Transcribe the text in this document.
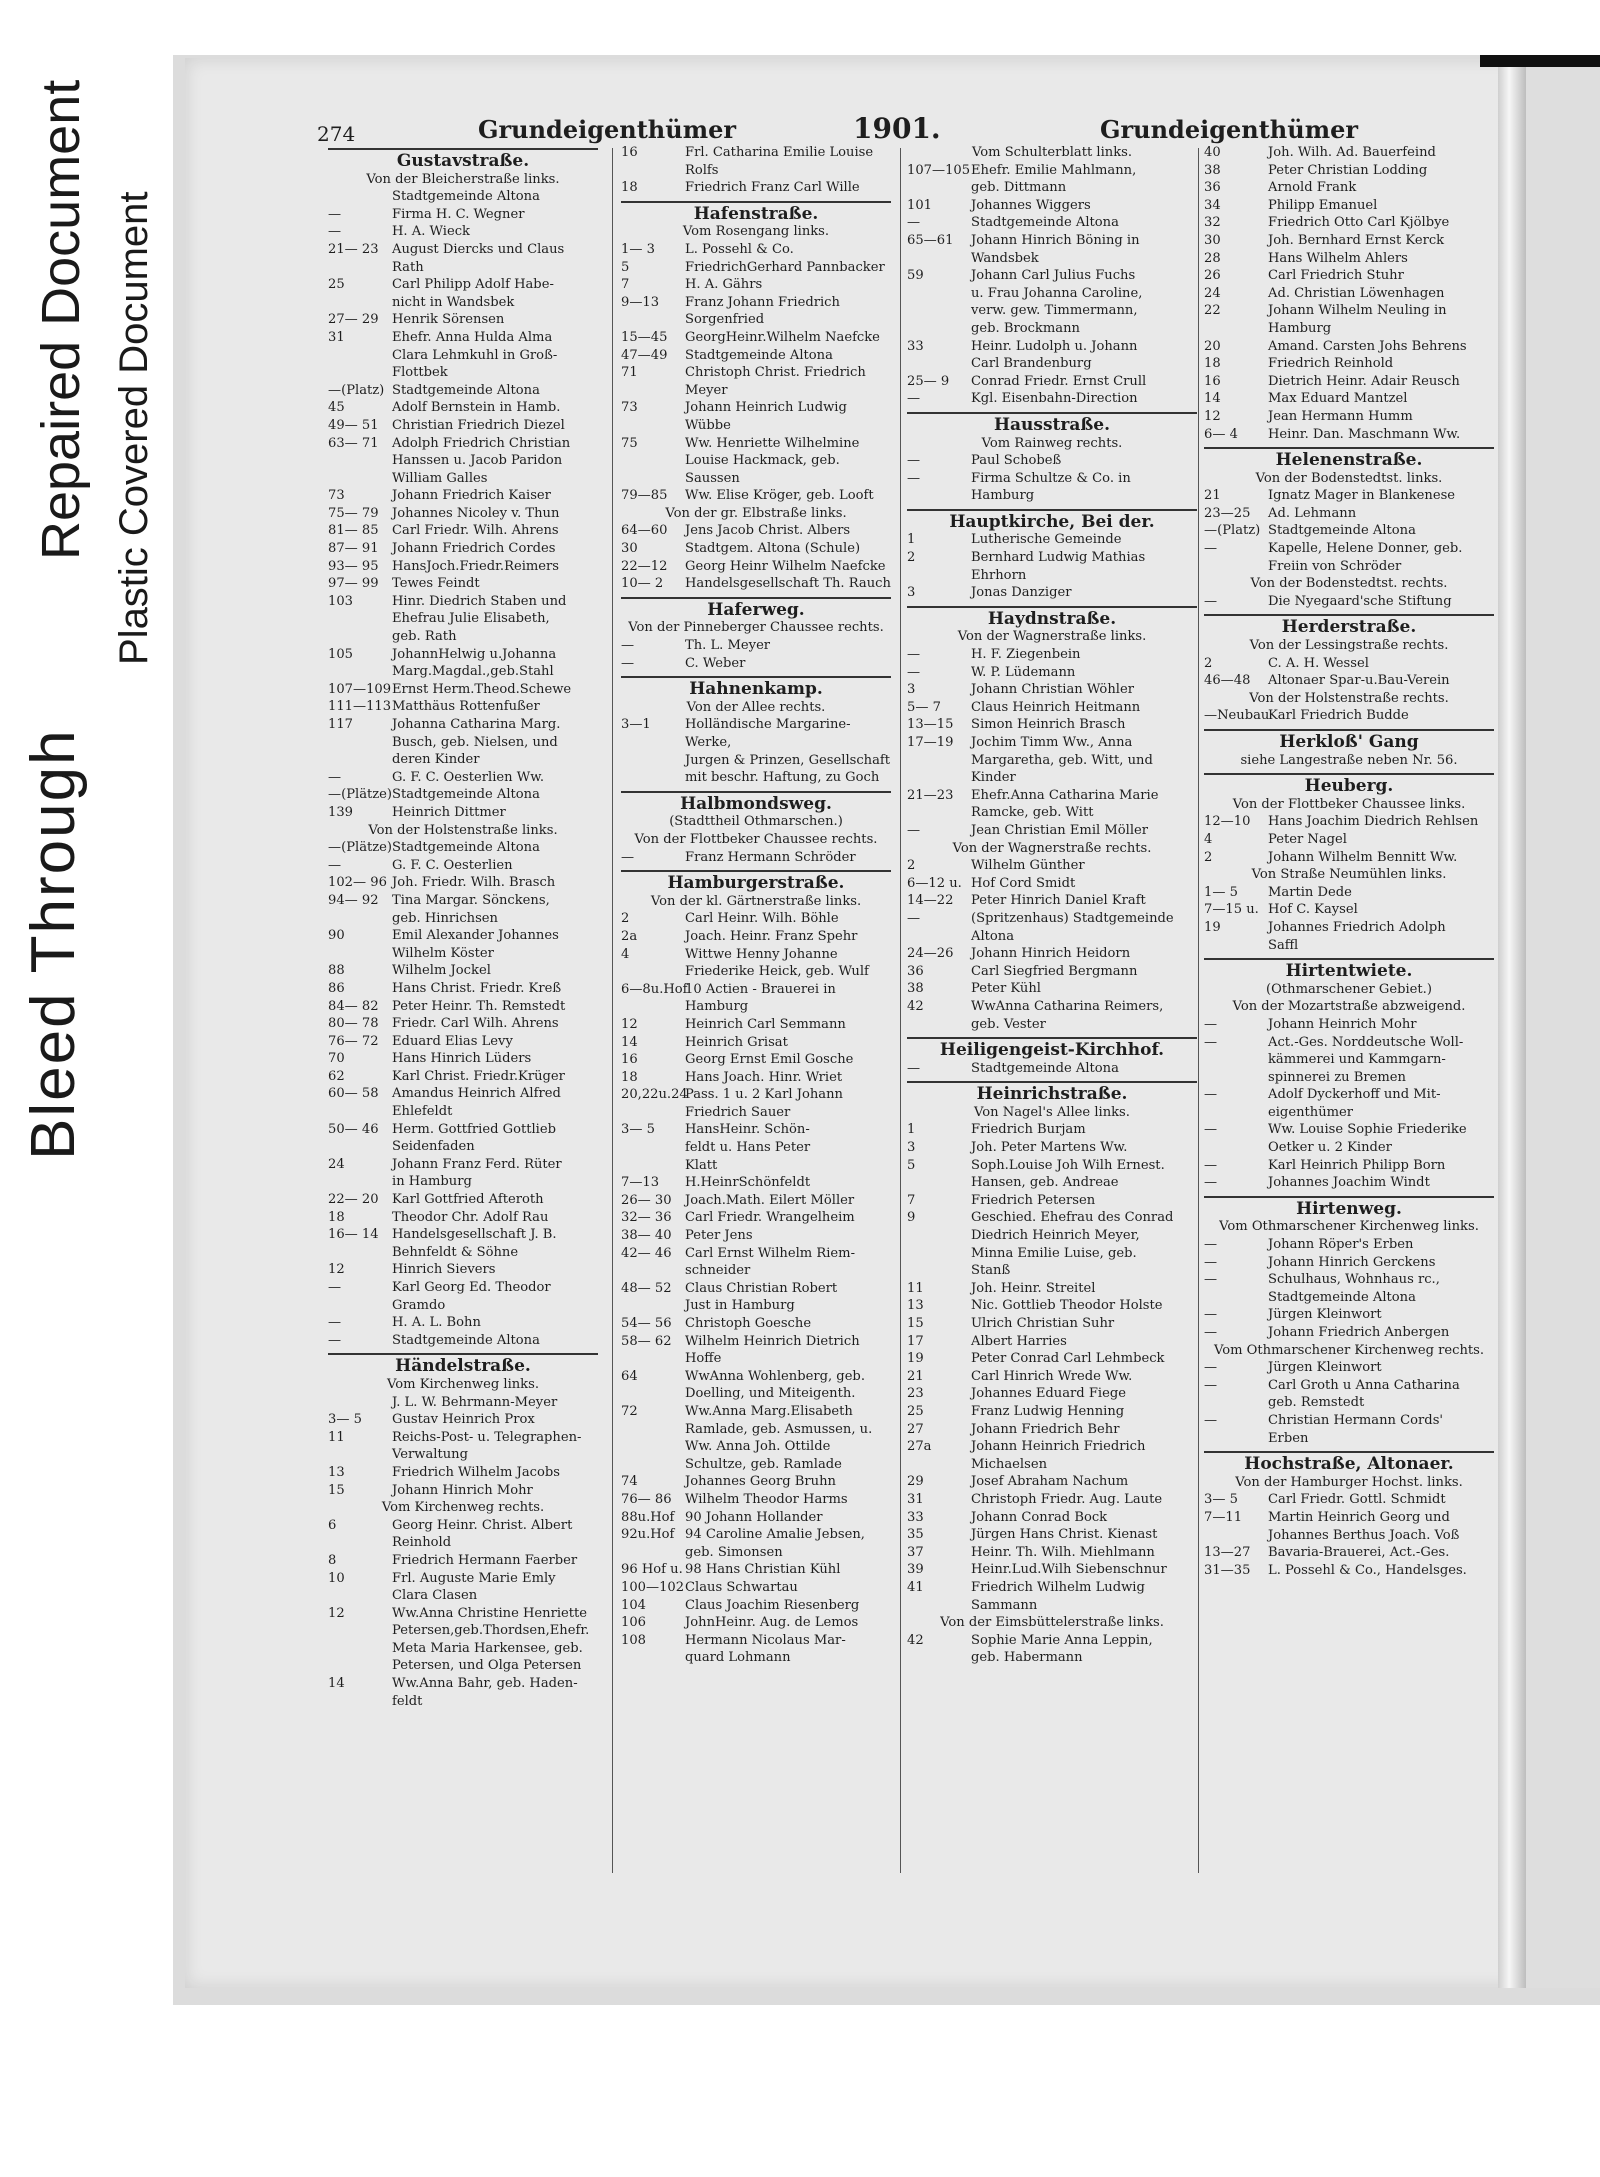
Bleed Through
Repaired Document Plastic Covered Document
274	Grundeigenthümer	1901.	Grundeigenthümer
Gustavstraße.
Von der Bleicherstraße links.
Stadtgemeinde Altona
—	Firma H. C. Wegner
—	H. A. Wieck
21— 23	August Diercks und Claus
Rath
25	Carl Philipp Adolf Habe-
nicht in Wandsbek
27— 29	Henrik Sörensen
31	Ehefr. Anna Hulda Alma
Clara Lehmkuhl in Groß-
Flottbek
—(Platz) Stadtgemeinde Altona
45	Adolf Bernstein in Hamb.
49— 51	Christian Friedrich Diezel
63— 71	Adolph Friedrich Christian
Hanssen u. Jacob Paridon
William Galles
73	Johann Friedrich Kaiser
75— 79	Johannes Nicoley v. Thun
81— 85	Carl Friedr. Wilh. Ahrens
87— 91	Johann Friedrich Cordes
93— 95	HansJoch.Friedr.Reimers
97— 99	Tewes Feindt
103	Hinr. Diedrich Staben und
Ehefrau Julie Elisabeth,
geb. Rath
105	JohannHelwig u.Johanna
Marg.Magdal.,geb.Stahl
107—109 Ernst Herm.Theod.Schewe
111—113 Matthäus Rottenfußer
117	Johanna Catharina Marg.
Busch, geb. Nielsen, und
deren Kinder
—	G. F. C. Oesterlien Ww.
—(Plätze) Stadtgemeinde Altona
139	Heinrich Dittmer
Von der Holstenstraße links.
—(Plätze) Stadtgemeinde Altona
—	G. F. C. Oesterlien
102— 96 Joh. Friedr. Wilh. Brasch
94— 92	Tina Margar. Sönckens,
geb. Hinrichsen
90	Emil Alexander Johannes
Wilhelm Köster
88	Wilhelm Jockel
86	Hans Christ. Friedr. Kreß
84— 82	Peter Heinr. Th. Remstedt
80— 78	Friedr. Carl Wilh. Ahrens
76— 72	Eduard Elias Levy
70	Hans Hinrich Lüders
62	Karl Christ. Friedr.Krüger
60— 58	Amandus Heinrich Alfred
Ehlefeldt
50— 46	Herm. Gottfried Gottlieb
Seidenfaden
24	Johann Franz Ferd. Rüter
in Hamburg
22— 20	Karl Gottfried Afteroth
18	Theodor Chr. Adolf Rau
16— 14	Handelsgesellschaft J. B.
Behnfeldt & Söhne
12	Hinrich Sievers
—	Karl Georg Ed. Theodor
Gramdo
—	H. A. L. Bohn
—	Stadtgemeinde Altona
Händelstraße.
Vom Kirchenweg links.
J. L. W. Behrmann-Meyer
3— 5	Gustav Heinrich Prox
11	Reichs-Post- u. Telegraphen-
Verwaltung
13	Friedrich Wilhelm Jacobs
15	Johann Hinrich Mohr
Vom Kirchenweg rechts.
6	Georg Heinr. Christ. Albert
Reinhold
8	Friedrich Hermann Faerber
10	Frl. Auguste Marie Emly
Clara Clasen
12	Ww.Anna Christine Henriette
Petersen,geb.Thordsen,Ehefr.
Meta Maria Harkensee, geb.
Petersen, und Olga Petersen
14	Ww.Anna Bahr, geb. Haden-
feldt
16	Frl. Catharina Emilie Louise
Rolfs
18	Friedrich Franz Carl Wille
Hafenstraße.
Vom Rosengang links.
1— 3	L. Possehl & Co.
5	FriedrichGerhard Pannbacker
7	H. A. Gährs
9—13	Franz Johann Friedrich
Sorgenfried
15—45	GeorgHeinr.Wilhelm Naefcke
47—49	Stadtgemeinde Altona
71	Christoph Christ. Friedrich
Meyer
73	Johann Heinrich Ludwig
Wübbe
75	Ww. Henriette Wilhelmine
Louise Hackmack, geb. Saussen
79—85	Ww. Elise Kröger, geb. Looft
Von der gr. Elbstraße links.
64—60	Jens Jacob Christ. Albers
30	Stadtgem. Altona (Schule)
22—12	Georg Heinr Wilhelm Naefcke
10— 2	Handelsgesellschaft Th. Rauch
Haferweg.
Von der Pinneberger Chaussee rechts.
—	Th. L. Meyer
—	C. Weber
Hahnenkamp.
Von der Allee rechts.
3—1	Holländische Margarine-Werke,
Jurgen & Prinzen, Gesellschaft
mit beschr. Haftung, zu Goch
Halbmondsweg.
(Stadttheil Othmarschen.)
Von der Flottbeker Chaussee rechts.
—	Franz Hermann Schröder
Hamburgerstraße.
Von der kl. Gärtnerstraße links.
2	Carl Heinr. Wilh. Böhle
2a	Joach. Heinr. Franz Spehr
4	Wittwe Henny Johanne
Friederike Heick, geb. Wulf
6—8u.Hof
10 Actien - Brauerei in
Hamburg
12	Heinrich Carl Semmann
14	Heinrich Grisat
16	Georg Ernst Emil Gosche
18	Hans Joach. Hinr. Wriet
20,22u.24
Pass. 1 u. 2 Karl Johann
Friedrich Sauer
3— 5	HansHeinr. Schön-
feldt u. Hans Peter
Klatt
7—13	H.HeinrSchönfeldt
26— 30	Joach.Math. Eilert Möller
32— 36	Carl Friedr. Wrangelheim
38— 40	Peter Jens
42— 46	Carl Ernst Wilhelm Riem-
schneider
48— 52	Claus Christian Robert
Just in Hamburg
54— 56	Christoph Goesche
58— 62	Wilhelm Heinrich Dietrich
Hoffe
64	WwAnna Wohlenberg, geb.
Doelling, und Miteigenth.
72	Ww.Anna Marg.Elisabeth
Ramlade, geb. Asmussen, u.
Ww. Anna Joh. Ottilde
Schultze, geb. Ramlade
74	Johannes Georg Bruhn
76— 86	Wilhelm Theodor Harms
88u.Hof 90 Johann Hollander
92u.Hof 94 Caroline Amalie Jebsen,
geb. Simonsen
96 Hof u. 98 Hans Christian Kühl
100—102 Claus Schwartau
104	Claus Joachim Riesenberg
106	JohnHeinr. Aug. de Lemos
108	Hermann Nicolaus Mar-
quard Lohmann
Vom Schulterblatt links.
107—105 Ehefr. Emilie Mahlmann,
geb. Dittmann
101	Johannes Wiggers
—	Stadtgemeinde Altona
65—61	Johann Hinrich Böning in
Wandsbek
59	Johann Carl Julius Fuchs
u. Frau Johanna Caroline,
verw. gew. Timmermann,
geb. Brockmann
33	Heinr. Ludolph u. Johann
Carl Brandenburg
25— 9	Conrad Friedr. Ernst Crull
—	Kgl. Eisenbahn-Direction
Hausstraße.
Vom Rainweg rechts.
—	Paul Schobeß
—	Firma Schultze & Co. in
Hamburg
Hauptkirche, Bei der.
1	Lutherische Gemeinde
2	Bernhard Ludwig Mathias
Ehrhorn
3	Jonas Danziger
Haydnstraße.
Von der Wagnerstraße links.
—	H. F. Ziegenbein
—	W. P. Lüdemann
3	Johann Christian Wöhler
5— 7	Claus Heinrich Heitmann
13—15	Simon Heinrich Brasch
17—19	Jochim Timm Ww., Anna
Margaretha, geb. Witt, und
Kinder
21—23	Ehefr.Anna Catharina Marie
Ramcke, geb. Witt
—	Jean Christian Emil Möller
Von der Wagnerstraße rechts.
2	Wilhelm Günther
6—12 u. Hof Cord Smidt
14—22	Peter Hinrich Daniel Kraft
—	(Spritzenhaus) Stadtgemeinde
Altona
24—26	Johann Hinrich Heidorn
36	Carl Siegfried Bergmann
38	Peter Kühl
42	WwAnna Catharina Reimers,
geb. Vester
Heiligengeist-Kirchhof.
—	Stadtgemeinde Altona
Heinrichstraße.
Von Nagel's Allee links.
1	Friedrich Burjam
3	Joh. Peter Martens Ww.
5	Soph.Louise Joh Wilh Ernest.
Hansen, geb. Andreae
7	Friedrich Petersen
9	Geschied. Ehefrau des Conrad
Diedrich Heinrich Meyer,
Minna Emilie Luise, geb.
Stanß
11	Joh. Heinr. Streitel
13	Nic. Gottlieb Theodor Holste
15	Ulrich Christian Suhr
17	Albert Harries
19	Peter Conrad Carl Lehmbeck
21	Carl Hinrich Wrede Ww.
23	Johannes Eduard Fiege
25	Franz Ludwig Henning
27	Johann Friedrich Behr
27a	Johann Heinrich Friedrich
Michaelsen
29	Josef Abraham Nachum
31	Christoph Friedr. Aug. Laute
33	Johann Conrad Bock
35	Jürgen Hans Christ. Kienast
37	Heinr. Th. Wilh. Miehlmann
39	Heinr.Lud.Wilh Siebenschnur
41	Friedrich Wilhelm Ludwig
Sammann
Von der Eimsbüttelerstraße links.
42	Sophie Marie Anna Leppin,
geb. Habermann
40	Joh. Wilh. Ad. Bauerfeind
38	Peter Christian Lodding
36	Arnold Frank
34	Philipp Emanuel
32	Friedrich Otto Carl Kjölbye
30	Joh. Bernhard Ernst Kerck
28	Hans Wilhelm Ahlers
26	Carl Friedrich Stuhr
24	Ad. Christian Löwenhagen
22	Johann Wilhelm Neuling in
Hamburg
20	Amand. Carsten Johs Behrens
18	Friedrich Reinhold
16	Dietrich Heinr. Adair Reusch
14	Max Eduard Mantzel
12	Jean Hermann Humm
6— 4	Heinr. Dan. Maschmann Ww.
Helenenstraße.
Von der Bodenstedtst. links.
21	Ignatz Mager in Blankenese
23—25	Ad. Lehmann
—(Platz) Stadtgemeinde Altona
—	Kapelle, Helene Donner, geb.
Freiin von Schröder
Von der Bodenstedtst. rechts.
—	Die Nyegaard'sche Stiftung
Herderstraße.
Von der Lessingstraße rechts.
2	C. A. H. Wessel
46—48	Altonaer Spar-u.Bau-Verein
Von der Holstenstraße rechts.
—Neubau
Karl Friedrich Budde
Herkloß' Gang
siehe Langestraße neben Nr. 56.
Heuberg.
Von der Flottbeker Chaussee links.
12—10	Hans Joachim Diedrich Rehlsen
4	Peter Nagel
2	Johann Wilhelm Bennitt Ww.
Von Straße Neumühlen links.
1— 5	Martin Dede
7—15 u. Hof C. Kaysel
19	Johannes Friedrich Adolph
Saffl
Hirtentwiete.
(Othmarschener Gebiet.)
Von der Mozartstraße abzweigend.
—	Johann Heinrich Mohr
—	Act.-Ges. Norddeutsche Woll-
kämmerei und Kammgarn-
spinnerei zu Bremen
—	Adolf Dyckerhoff und Mit-
eigenthümer
—	Ww. Louise Sophie Friederike
Oetker u. 2 Kinder
—	Karl Heinrich Philipp Born
—	Johannes Joachim Windt
Hirtenweg.
Vom Othmarschener Kirchenweg links.
—	Johann Röper's Erben
—	Johann Hinrich Gerckens
—	Schulhaus, Wohnhaus rc.,
Stadtgemeinde Altona
—	Jürgen Kleinwort
—	Johann Friedrich Anbergen
Vom Othmarschener Kirchenweg rechts.
—	Jürgen Kleinwort
—	Carl Groth u Anna Catharina
geb. Remstedt
—	Christian Hermann Cords'
Erben
Hochstraße, Altonaer.
Von der Hamburger Hochst. links.
3— 5	Carl Friedr. Gottl. Schmidt
7—11	Martin Heinrich Georg und
Johannes Berthus Joach. Voß
13—27	Bavaria-Brauerei, Act.-Ges.
31—35	L. Possehl & Co., Handelsges.
